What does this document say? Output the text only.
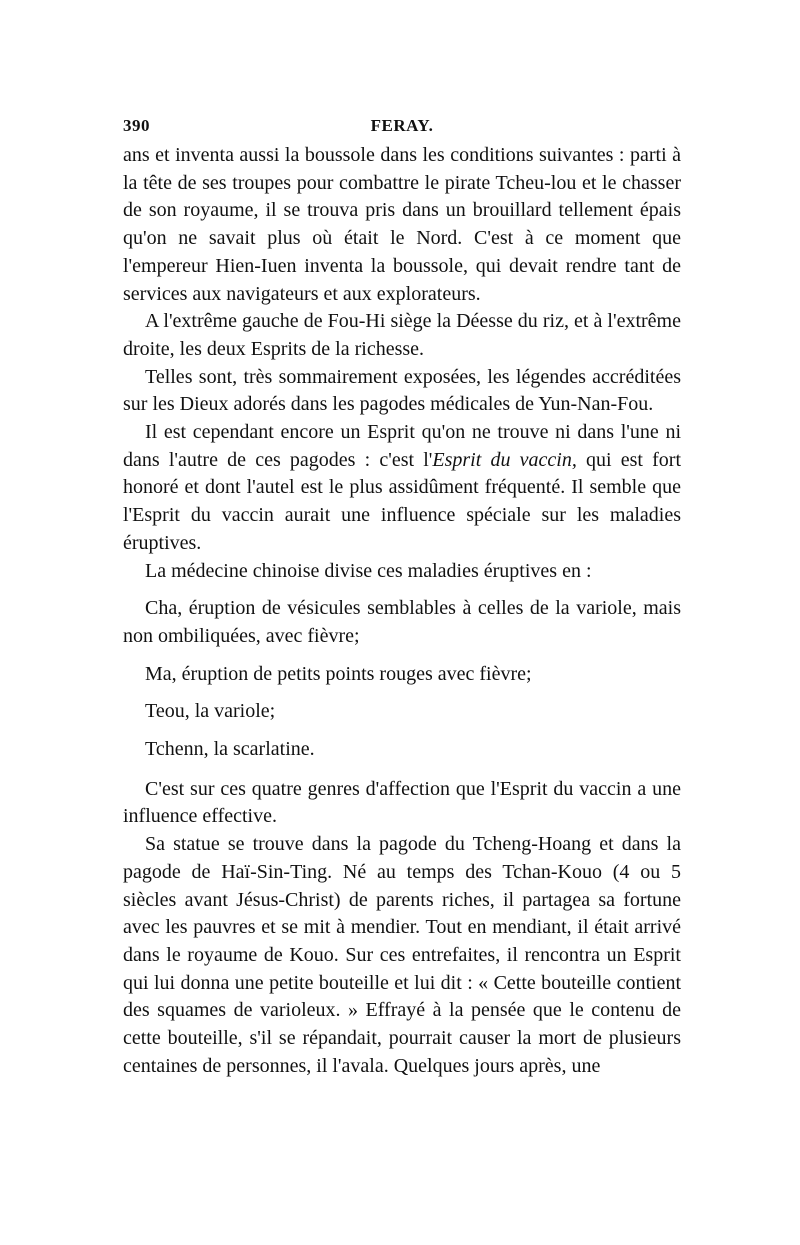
390	FERAY.

ans et inventa aussi la boussole dans les conditions suivantes : parti à la tête de ses troupes pour combattre le pirate Tcheu-lou et le chasser de son royaume, il se trouva pris dans un brouillard tellement épais qu'on ne savait plus où était le Nord. C'est à ce moment que l'empereur Hien-Iuen inventa la boussole, qui devait rendre tant de services aux navigateurs et aux explorateurs.

A l'extrême gauche de Fou-Hi siège la Déesse du riz, et à l'extrême droite, les deux Esprits de la richesse.

Telles sont, très sommairement exposées, les légendes accréditées sur les Dieux adorés dans les pagodes médicales de Yun-Nan-Fou.

Il est cependant encore un Esprit qu'on ne trouve ni dans l'une ni dans l'autre de ces pagodes : c'est l'Esprit du vaccin, qui est fort honoré et dont l'autel est le plus assidûment fréquenté. Il semble que l'Esprit du vaccin aurait une influence spéciale sur les maladies éruptives.

La médecine chinoise divise ces maladies éruptives en :

Cha, éruption de vésicules semblables à celles de la variole, mais non ombiliquées, avec fièvre;

Ma, éruption de petits points rouges avec fièvre;

Teou, la variole;

Tchenn, la scarlatine.

C'est sur ces quatre genres d'affection que l'Esprit du vaccin a une influence effective.

Sa statue se trouve dans la pagode du Tcheng-Hoang et dans la pagode de Haï-Sin-Ting. Né au temps des Tchan-Kouo (4 ou 5 siècles avant Jésus-Christ) de parents riches, il partagea sa fortune avec les pauvres et se mit à mendier. Tout en mendiant, il était arrivé dans le royaume de Kouo. Sur ces entrefaites, il rencontra un Esprit qui lui donna une petite bouteille et lui dit : « Cette bouteille contient des squames de varioleux. » Effrayé à la pensée que le contenu de cette bouteille, s'il se répandait, pourrait causer la mort de plusieurs centaines de personnes, il l'avala. Quelques jours après, une
